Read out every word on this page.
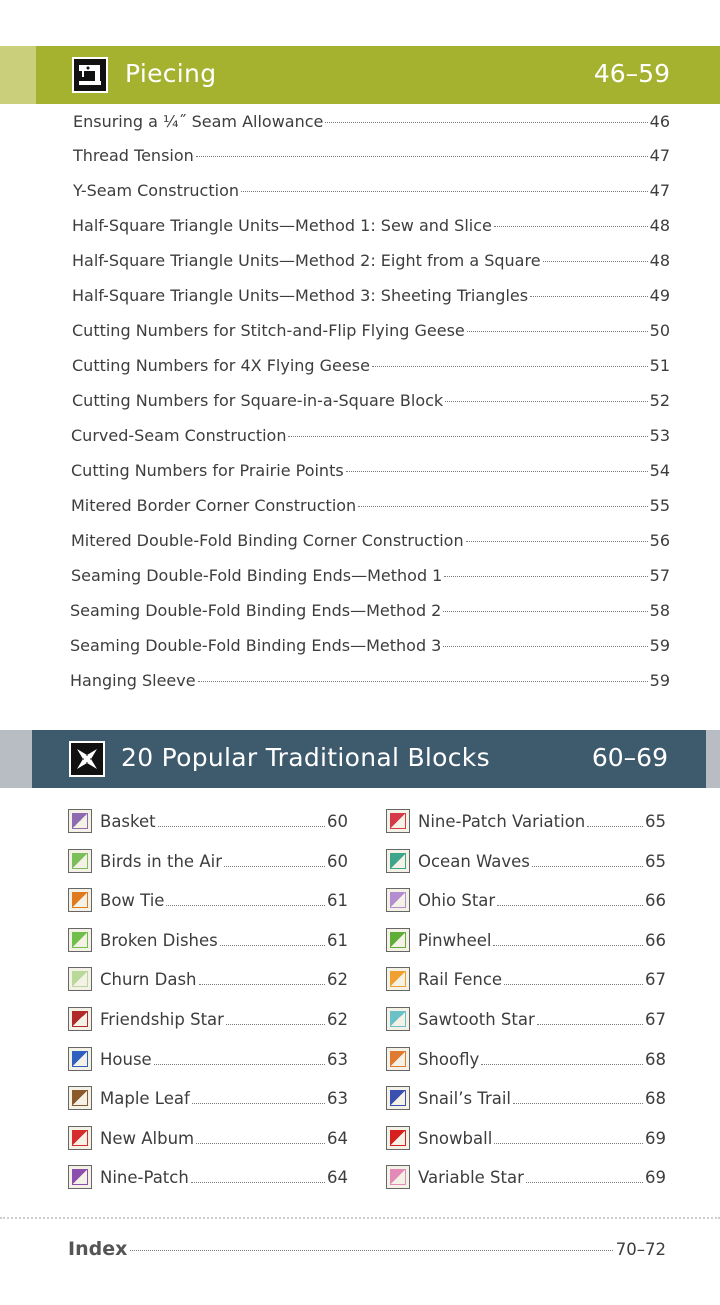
Piecing	46–59
Ensuring a ¼˝ Seam Allowance	46
Thread Tension	47
Y-Seam Construction	47
Half-Square Triangle Units—Method 1: Sew and Slice	48
Half-Square Triangle Units—Method 2: Eight from a Square	48
Half-Square Triangle Units—Method 3: Sheeting Triangles	49
Cutting Numbers for Stitch-and-Flip Flying Geese	50
Cutting Numbers for 4X Flying Geese	51
Cutting Numbers for Square-in-a-Square Block	52
Curved-Seam Construction	53
Cutting Numbers for Prairie Points	54
Mitered Border Corner Construction	55
Mitered Double-Fold Binding Corner Construction	56
Seaming Double-Fold Binding Ends—Method 1	57
Seaming Double-Fold Binding Ends—Method 2	58
Seaming Double-Fold Binding Ends—Method 3	59
Hanging Sleeve	59
20 Popular Traditional Blocks	60–69
Basket	60
Birds in the Air	60
Bow Tie	61
Broken Dishes	61
Churn Dash	62
Friendship Star	62
House	63
Maple Leaf	63
New Album	64
Nine-Patch	64
Nine-Patch Variation	65
Ocean Waves	65
Ohio Star	66
Pinwheel	66
Rail Fence	67
Sawtooth Star	67
Shoofly	68
Snail’s Trail	68
Snowball	69
Variable Star	69
Index	70–72
